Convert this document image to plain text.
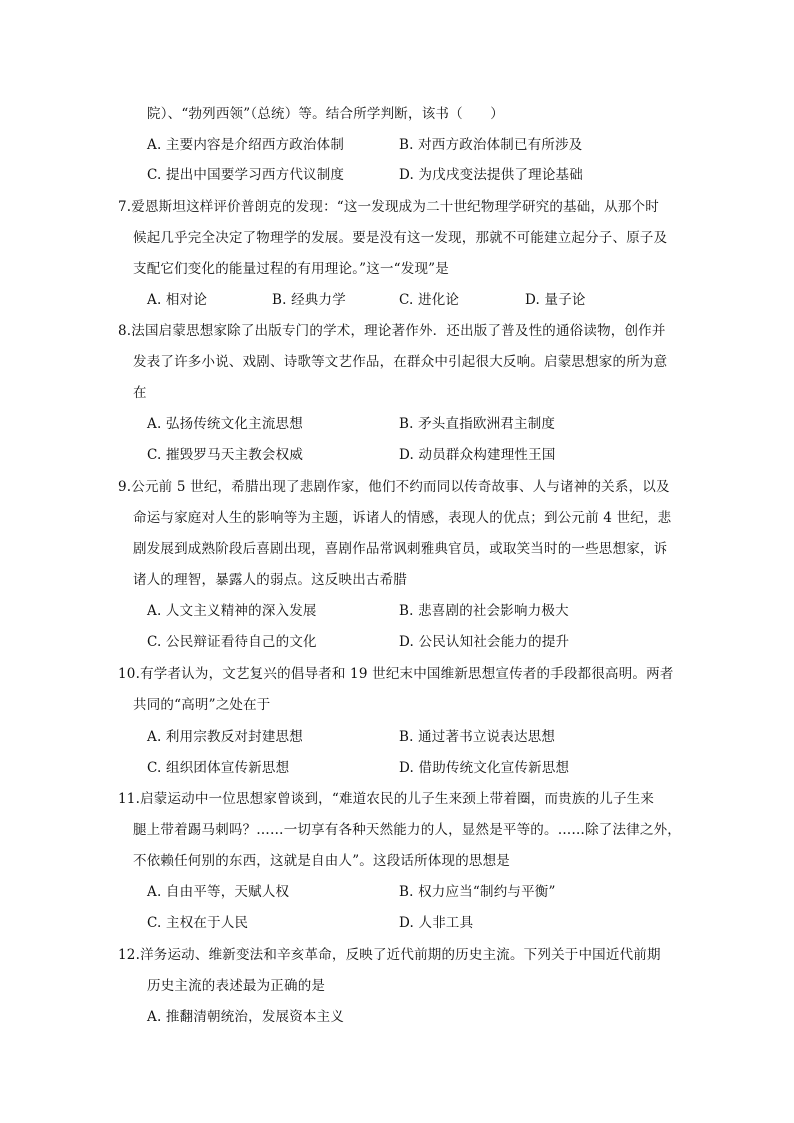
院）、“勃列西领”（总统）等。结合所学判断，该书（　　）
A. 主要内容是介绍西方政治体制	B. 对西方政治体制已有所涉及
C. 提出中国要学习西方代议制度	D. 为戊戌变法提供了理论基础
7.爱恩斯坦这样评价普朗克的发现：“这一发现成为二十世纪物理学研究的基础，从那个时
候起几乎完全决定了物理学的发展。要是没有这一发现，那就不可能建立起分子、原子及
支配它们变化的能量过程的有用理论。”这一“发现”是
A. 相对论	B. 经典力学	C. 进化论	D. 量子论
8.法国启蒙思想家除了出版专门的学术，理论著作外．还出版了普及性的通俗读物，创作并
发表了许多小说、戏剧、诗歌等文艺作品，在群众中引起很大反响。启蒙思想家的所为意
在
A. 弘扬传统文化主流思想	B. 矛头直指欧洲君主制度
C. 摧毁罗马天主教会权威	D. 动员群众构建理性王国
9.公元前 5 世纪，希腊出现了悲剧作家，他们不约而同以传奇故事、人与诸神的关系，以及
命运与家庭对人生的影响等为主题，诉诸人的情感，表现人的优点；到公元前 4 世纪，悲
剧发展到成熟阶段后喜剧出现，喜剧作品常讽刺雅典官员，或取笑当时的一些思想家，诉
诸人的理智，暴露人的弱点。这反映出古希腊
A. 人文主义精神的深入发展	B. 悲喜剧的社会影响力极大
C. 公民辩证看待自己的文化	D. 公民认知社会能力的提升
10.有学者认为，文艺复兴的倡导者和 19 世纪末中国维新思想宣传者的手段都很高明。两者
共同的“高明”之处在于
A. 利用宗教反对封建思想	B. 通过著书立说表达思想
C. 组织团体宣传新思想	D. 借助传统文化宣传新思想
11.启蒙运动中一位思想家曾谈到，“难道农民的儿子生来颈上带着圈，而贵族的儿子生来
腿上带着踢马刺吗？……一切享有各种天然能力的人，显然是平等的。……除了法律之外，
不依赖任何别的东西，这就是自由人”。这段话所体现的思想是
A. 自由平等，天赋人权	B. 权力应当“制约与平衡”
C. 主权在于人民	D. 人非工具
12.洋务运动、维新变法和辛亥革命，反映了近代前期的历史主流。下列关于中国近代前期
历史主流的表述最为正确的是
A. 推翻清朝统治，发展资本主义
